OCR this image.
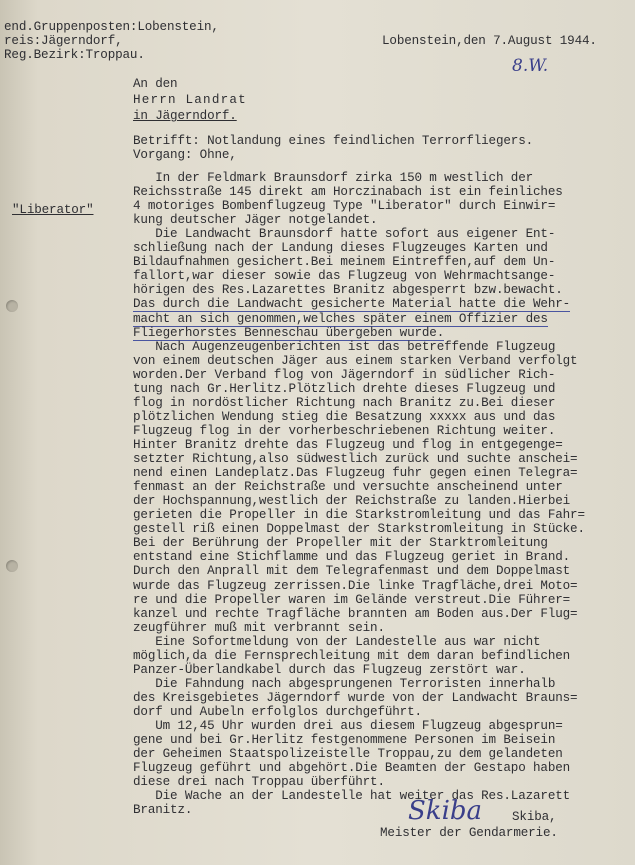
end.Gruppenposten:Lobenstein,
reis:Jägerndorf,
Reg.Bezirk:Troppau.
Lobenstein,den 7.August 1944.
8.W.
An den
Herrn Landrat
in Jägerndorf.
Betrifft: Notlandung eines feindlichen Terrorfliegers.
Vorgang: Ohne,
"Liberator"
In der Feldmark Braunsdorf zirka 150 m westlich der
Reichsstraße 145 direkt am Horczinabach ist ein feinliches
4 motoriges Bombenflugzeug Type "Liberator" durch Einwir=
kung deutscher Jäger notgelandet.
Die Landwacht Braunsdorf hatte sofort aus eigener Ent-
schließung nach der Landung dieses Flugzeuges Karten und
Bildaufnahmen gesichert.Bei meinem Eintreffen,auf dem Un-
fallort,war dieser sowie das Flugzeug von Wehrmachtsange-
hörigen des Res.Lazarettes Branitz abgesperrt bzw.bewacht.
Das durch die Landwacht gesicherte Material hatte die Wehr-
macht an sich genommen,welches später einem Offizier des
Fliegerhorstes Benneschau übergeben wurde.
Nach Augenzeugenberichten ist das betreffende Flugzeug
von einem deutschen Jäger aus einem starken Verband verfolgt
worden.Der Verband flog von Jägerndorf in südlicher Rich-
tung nach Gr.Herlitz.Plötzlich drehte dieses Flugzeug und
flog in nordöstlicher Richtung nach Branitz zu.Bei dieser
plötzlichen Wendung stieg die Besatzung xxxxx aus und das
Flugzeug flog in der vorherbeschriebenen Richtung weiter.
Hinter Branitz drehte das Flugzeug und flog in entgegenge=
setzter Richtung,also südwestlich zurück und suchte anschei=
nend einen Landeplatz.Das Flugzeug fuhr gegen einen Telegra=
fenmast an der Reichstraße und versuchte anscheinend unter
der Hochspannung,westlich der Reichstraße zu landen.Hierbei
gerieten die Propeller in die Starkstromleitung und das Fahr=
gestell riß einen Doppelmast der Starkstromleitung in Stücke.
Bei der Berührung der Propeller mit der Starktromleitung
entstand eine Stichflamme und das Flugzeug geriet in Brand.
Durch den Anprall mit dem Telegrafenmast und dem Doppelmast
wurde das Flugzeug zerrissen.Die linke Tragfläche,drei Moto=
re und die Propeller waren im Gelände verstreut.Die Führer=
kanzel und rechte Tragfläche brannten am Boden aus.Der Flug=
zeugführer muß mit verbrannt sein.
Eine Sofortmeldung von der Landestelle aus war nicht
möglich,da die Fernsprechleitung mit dem daran befindlichen
Panzer-Überlandkabel durch das Flugzeug zerstört war.
Die Fahndung nach abgesprungenen Terroristen innerhalb
des Kreisgebietes Jägerndorf wurde von der Landwacht Brauns=
dorf und Aubeln erfolglos durchgeführt.
Um 12,45 Uhr wurden drei aus diesem Flugzeug abgesprun=
gene und bei Gr.Herlitz festgenommene Personen im Beisein
der Geheimen Staatspolizeistelle Troppau,zu dem gelandeten
Flugzeug geführt und abgehört.Die Beamten der Gestapo haben
diese drei nach Troppau überführt.
Die Wache an der Landestelle hat weiter das Res.Lazarett
Branitz.	Skiba Skiba,
Meister der Gendarmerie.
